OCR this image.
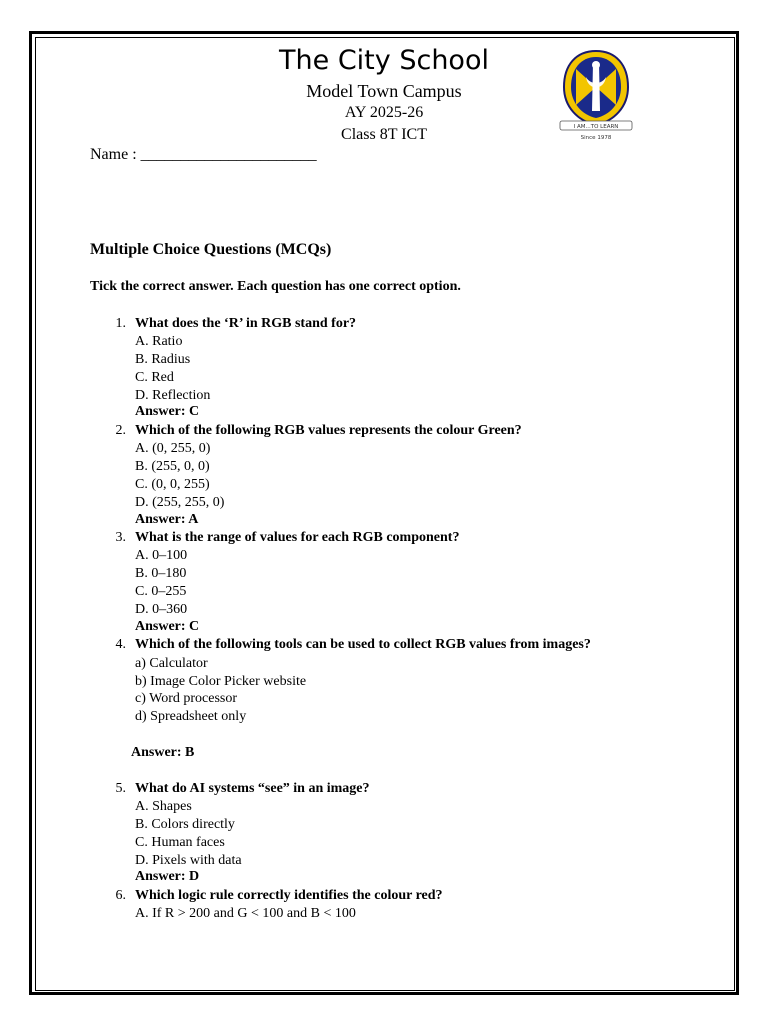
The City School
Model Town Campus
AY 2025-26
Class 8T ICT	I AM...TO LEARN
Since 1978
Name : ______________________
Multiple Choice Questions (MCQs)
Tick the correct answer. Each question has one correct option.
1. What does the ‘R’ in RGB stand for?
A. Ratio
B. Radius
C. Red
D. Reflection
Answer: C
2. Which of the following RGB values represents the colour Green?
A. (0, 255, 0)
B. (255, 0, 0)
C. (0, 0, 255)
D. (255, 255, 0)
Answer: A
3. What is the range of values for each RGB component?
A. 0–100
B. 0–180
C. 0–255
D. 0–360
Answer: C
4. Which of the following tools can be used to collect RGB values from images?
a) Calculator
b) Image Color Picker website
c) Word processor
d) Spreadsheet only
Answer: B
5. What do AI systems “see” in an image?
A. Shapes
B. Colors directly
C. Human faces
D. Pixels with data
Answer: D
6. Which logic rule correctly identifies the colour red?
A. If R > 200 and G < 100 and B < 100
